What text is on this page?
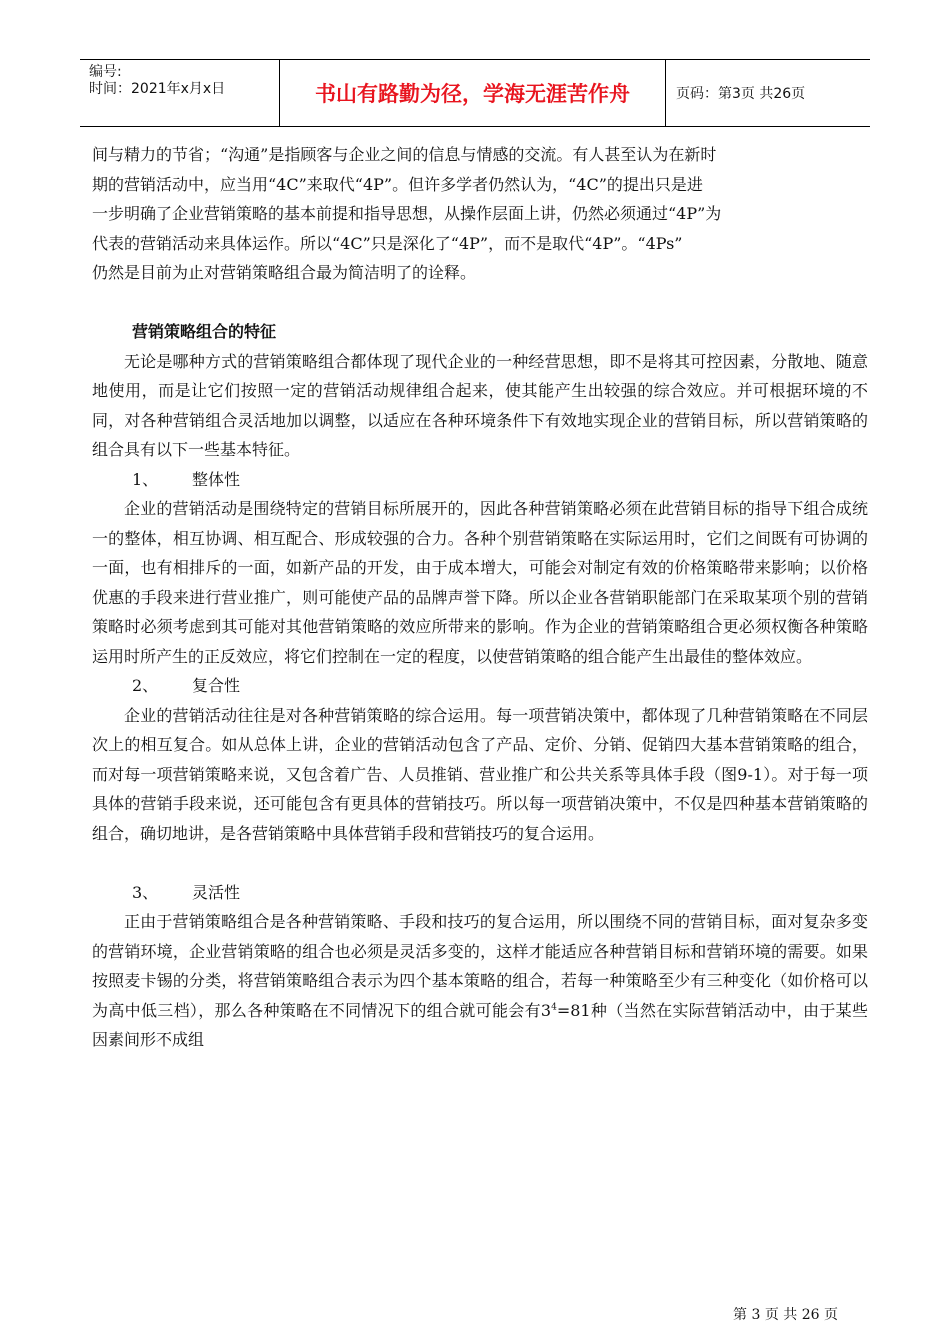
编号:
时间：2021年x月x日	书山有路勤为径，学海无涯苦作舟	页码：第3页 共26页

间与精力的节省；“沟通”是指顾客与企业之间的信息与情感的交流。有人甚至认为在新时

期的营销活动中，应当用“4C”来取代“4P”。但许多学者仍然认为，“4C”的提出只是进

一步明确了企业营销策略的基本前提和指导思想，从操作层面上讲，仍然必须通过“4P”为

代表的营销活动来具体运作。所以“4C”只是深化了“4P”，而不是取代“4P”。“4Ps”

仍然是目前为止对营销策略组合最为简洁明了的诠释。

营销策略组合的特征

无论是哪种方式的营销策略组合都体现了现代企业的一种经营思想，即不是将其可控因素，分散地、随意地使用，而是让它们按照一定的营销活动规律组合起来，使其能产生出较强的综合效应。并可根据环境的不同，对各种营销组合灵活地加以调整，以适应在各种环境条件下有效地实现企业的营销目标，所以营销策略的组合具有以下一些基本特征。

1、 整体性

企业的营销活动是围绕特定的营销目标所展开的，因此各种营销策略必须在此营销目标的指导下组合成统一的整体，相互协调、相互配合、形成较强的合力。各种个别营销策略在实际运用时，它们之间既有可协调的一面，也有相排斥的一面，如新产品的开发，由于成本增大，可能会对制定有效的价格策略带来影响；以价格优惠的手段来进行营业推广，则可能使产品的品牌声誉下降。所以企业各营销职能部门在采取某项个别的营销策略时必须考虑到其可能对其他营销策略的效应所带来的影响。作为企业的营销策略组合更必须权衡各种策略运用时所产生的正反效应，将它们控制在一定的程度，以使营销策略的组合能产生出最佳的整体效应。

2、 复合性

企业的营销活动往往是对各种营销策略的综合运用。每一项营销决策中，都体现了几种营销策略在不同层次上的相互复合。如从总体上讲，企业的营销活动包含了产品、定价、分销、促销四大基本营销策略的组合，而对每一项营销策略来说，又包含着广告、人员推销、营业推广和公共关系等具体手段（图9-1）。对于每一项具体的营销手段来说，还可能包含有更具体的营销技巧。所以每一项营销决策中，不仅是四种基本营销策略的组合，确切地讲，是各营销策略中具体营销手段和营销技巧的复合运用。

3、 灵活性

正由于营销策略组合是各种营销策略、手段和技巧的复合运用，所以围绕不同的营销目标，面对复杂多变的营销环境，企业营销策略的组合也必须是灵活多变的，这样才能适应各种营销目标和营销环境的需要。如果按照麦卡锡的分类，将营销策略组合表示为四个基本策略的组合，若每一种策略至少有三种变化（如价格可以为高中低三档），那么各种策略在不同情况下的组合就可能会有$3^4=81$种（当然在实际营销活动中，由于某些因素间形不成组

第 3 页 共 26 页
